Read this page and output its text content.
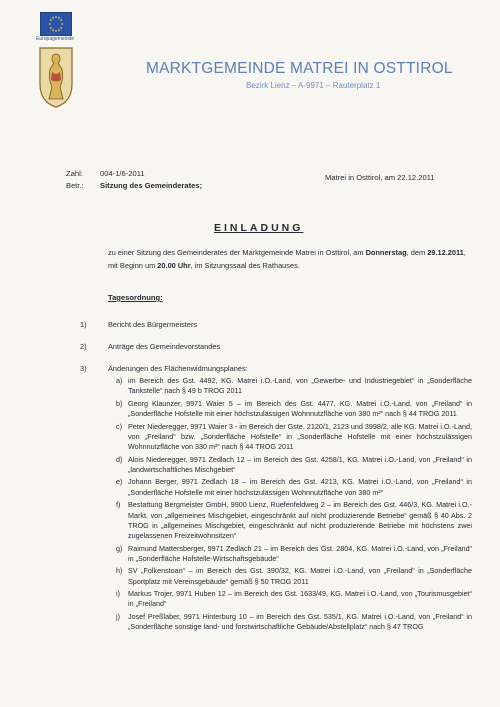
Europagemeinde
MARKTGEMEINDE MATREI IN OSTTIROL
Bezirk Lienz – A-9971 – Rauterplatz 1
Zahl:	004-1/6-2011
Betr.:	Sitzung des Gemeinderates;
Matrei in Osttirol, am 22.12.2011
EINLADUNG
zu einer Sitzung des Gemeinderates der Marktgemeinde Matrei in Osttirol, am Donnerstag, dem 29.12.2011, mit Beginn um 20.00 Uhr, im Sitzungssaal des Rathauses.
Tagesordnung:
1)	Bericht des Bürgermeisters
2)	Anträge des Gemeindevorstandes
3)	Änderungen des Flächenwidmungsplanes:
a) im Bereich des Gst. 4492, KG. Matrei i.O.-Land, von „Gewerbe- und Industriegebiet“ in „Sonderfläche Tankstelle“ nach § 49 b TROG 2011
b) Georg Klaunzer, 9971 Waier 5 – im Bereich des Gst. 4477, KG. Matrei i.O.-Land, von „Freiland“ in „Sonderfläche Hofstelle mit einer höchstzulässigen Wohnnutzfläche von 380 m²“ nach § 44 TROG 2011
c) Peter Niederegger, 9971 Waier 3 - im Bereich der Gste. 2120/1, 2123 und 3998/2, alle KG. Matrei i.O.-Land, von „Freiland“ bzw. „Sonderfläche Hofstelle“ in „Sonderfläche Hofstelle mit einer höchstzulässigen Wohnnutzfläche von 330 m²“ nach § 44 TROG 2011
d) Alois Niederegger, 9971 Zedlach 12 – im Bereich des Gst. 4258/1, KG. Matrei i.O.-Land, von „Freiland“ in „landwirtschaftliches Mischgebiet“
e) Johann Berger, 9971 Zedlach 18 – im Bereich des Gst. 4213, KG. Matrei i.O.-Land, von „Freiland“ in „Sonderfläche Hofstelle mit einer höchstzulässigen Wohnnutzfläche von 380 m²“
f)	Bestattung Bergmeister GmbH, 9900 Lienz, Ruefenfeldweg 2 – im Bereich des Gst. 446/3, KG. Matrei i.O.-Markt, von „allgemeines Mischgebiet, eingeschränkt auf nicht produzierende Betriebe“ gemäß § 40 Abs. 2 TROG in „allgemeines Mischgebiet, eingeschränkt auf nicht produzierende Betriebe mit höchstens zwei zugelassenen Freizeitwohnsitzen“
g) Raimund Mattersberger, 9971 Zedlach 21 – im Bereich des Gst. 2804, KG. Matrei i.O.-Land, von „Freiland“ in „Sonderfläche Hofstelle-Wirtschaftsgebäude“
h) SV „Folkenstoan“ – im Bereich des Gst. 390/32, KG. Matrei i.O.-Land, von „Freiland“ in „Sonderfläche Sportplatz mit Vereinsgebäude“ gemäß § 50 TROG 2011
i)	Markus Trojer, 9971 Huben 12 – im Bereich des Gst. 1633/49, KG. Matrei i.O.-Land, von „Tourismusgebiet“ in „Freiland“
j)	Josef Preßlaber, 9971 Hinterburg 10 – im Bereich des Gst. 535/1, KG. Matrei i.O.-Land, von „Freiland“ in „Sonderfläche sonstige land- und forstwirtschaftliche Gebäude/Abstellplatz“ nach § 47 TROG
